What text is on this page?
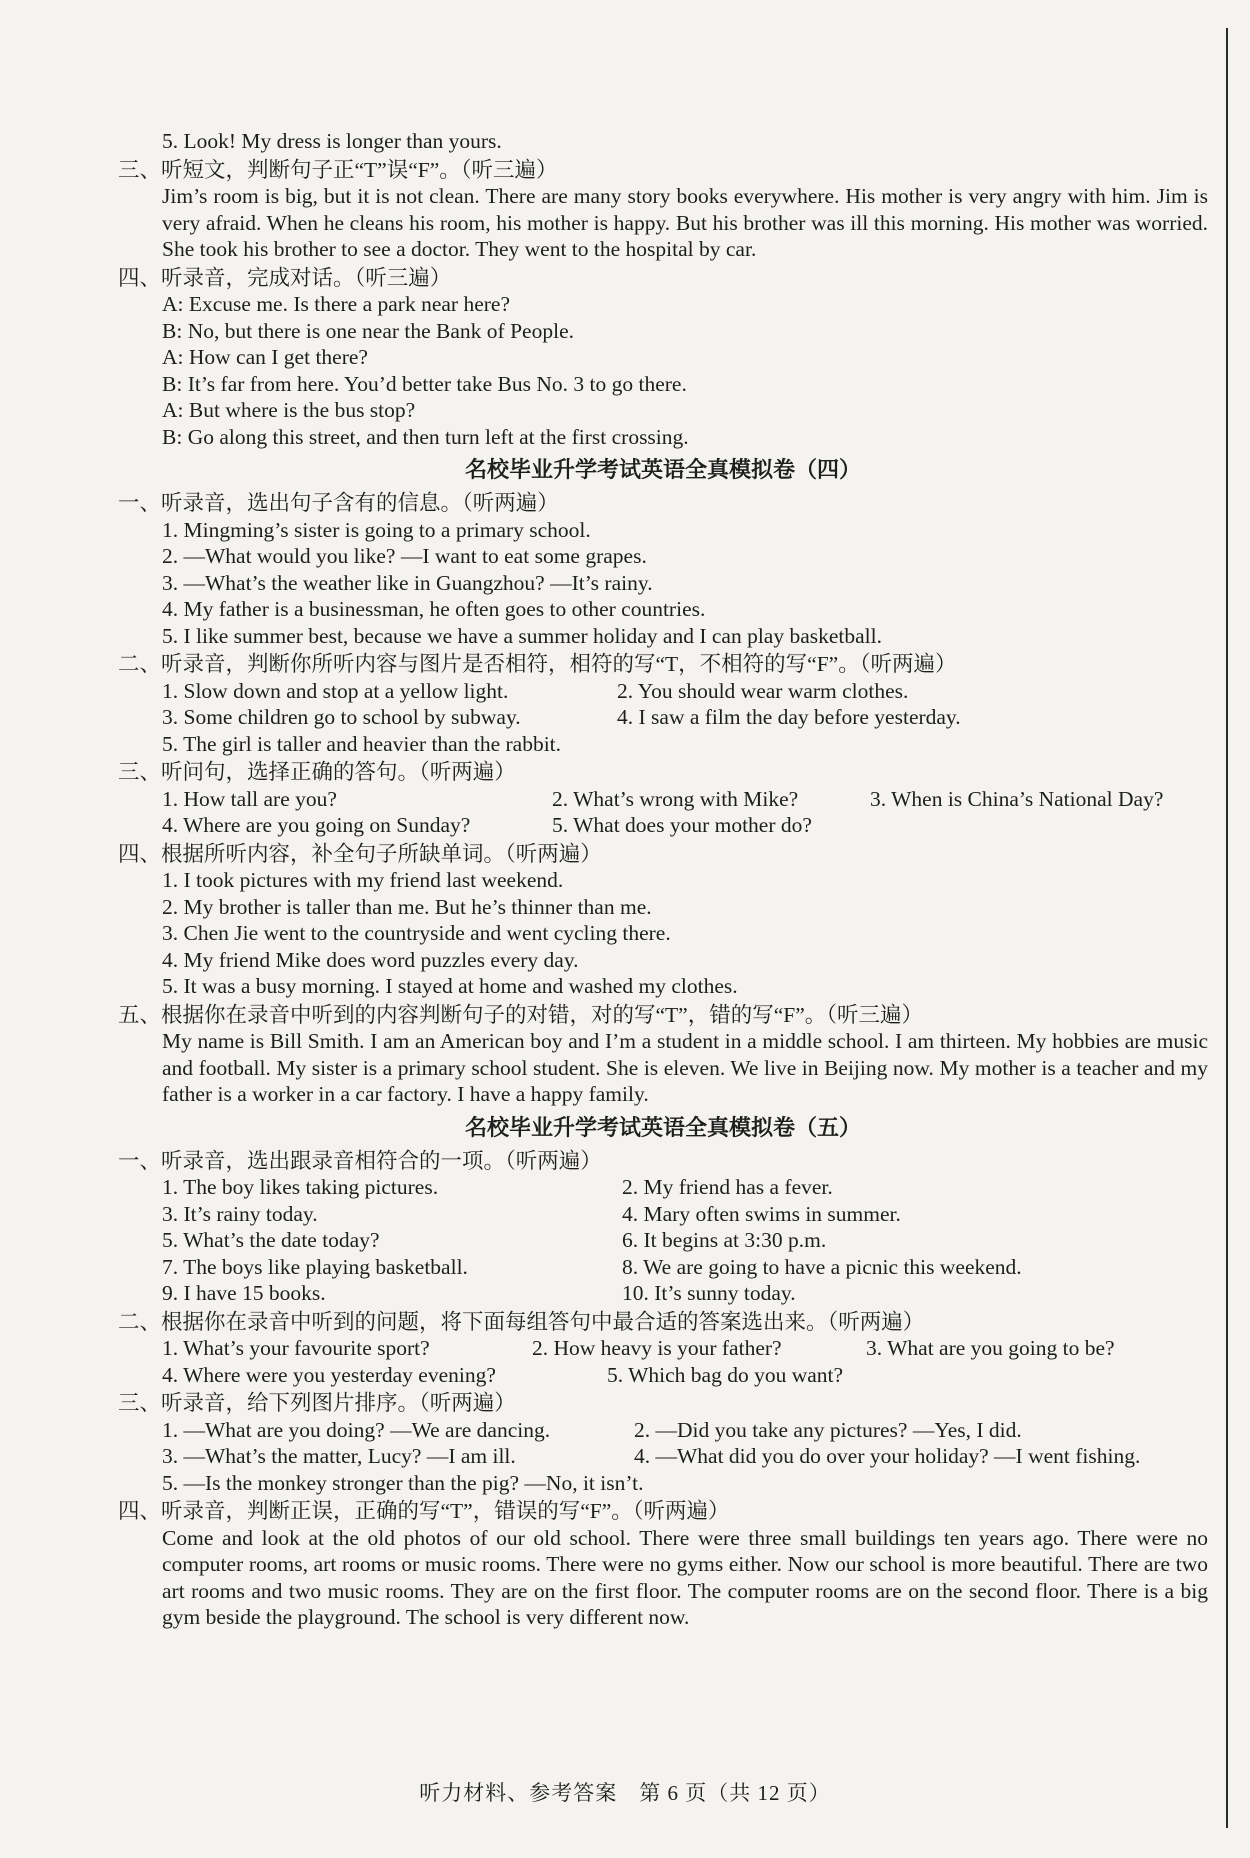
5. Look! My dress is longer than yours.
三、听短文，判断句子正“T”误“F”。（听三遍）
Jim’s room is big, but it is not clean. There are many story books everywhere. His mother is very angry with him. Jim is very afraid. When he cleans his room, his mother is happy. But his brother was ill this morning. His mother was worried. She took his brother to see a doctor. They went to the hospital by car.
四、听录音，完成对话。（听三遍）
A: Excuse me. Is there a park near here?
B: No, but there is one near the Bank of People.
A: How can I get there?
B: It’s far from here. You’d better take Bus No. 3 to go there.
A: But where is the bus stop?
B: Go along this street, and then turn left at the first crossing.
名校毕业升学考试英语全真模拟卷（四）
一、听录音，选出句子含有的信息。（听两遍）
1. Mingming’s sister is going to a primary school.
2. —What would you like? —I want to eat some grapes.
3. —What’s the weather like in Guangzhou? —It’s rainy.
4. My father is a businessman, he often goes to other countries.
5. I like summer best, because we have a summer holiday and I can play basketball.
二、听录音，判断你所听内容与图片是否相符，相符的写“T，不相符的写“F”。（听两遍）
1. Slow down and stop at a yellow light.	2. You should wear warm clothes.
3. Some children go to school by subway.	4. I saw a film the day before yesterday.
5. The girl is taller and heavier than the rabbit.
三、听问句，选择正确的答句。（听两遍）
1. How tall are you?	2. What’s wrong with Mike?	3. When is China’s National Day?
4. Where are you going on Sunday?	5. What does your mother do?
四、根据所听内容，补全句子所缺单词。（听两遍）
1. I took pictures with my friend last weekend.
2. My brother is taller than me. But he’s thinner than me.
3. Chen Jie went to the countryside and went cycling there.
4. My friend Mike does word puzzles every day.
5. It was a busy morning. I stayed at home and washed my clothes.
五、根据你在录音中听到的内容判断句子的对错，对的写“T”，错的写“F”。（听三遍）
My name is Bill Smith. I am an American boy and I’m a student in a middle school. I am thirteen. My hobbies are music and football. My sister is a primary school student. She is eleven. We live in Beijing now. My mother is a teacher and my father is a worker in a car factory. I have a happy family.
名校毕业升学考试英语全真模拟卷（五）
一、听录音，选出跟录音相符合的一项。（听两遍）
1. The boy likes taking pictures.	2. My friend has a fever.
3. It’s rainy today.	4. Mary often swims in summer.
5. What’s the date today?	6. It begins at 3:30 p.m.
7. The boys like playing basketball.	8. We are going to have a picnic this weekend.
9. I have 15 books.	10. It’s sunny today.
二、根据你在录音中听到的问题，将下面每组答句中最合适的答案选出来。（听两遍）
1. What’s your favourite sport?	2. How heavy is your father?	3. What are you going to be?
4. Where were you yesterday evening?	5. Which bag do you want?
三、听录音，给下列图片排序。（听两遍）
1. —What are you doing? —We are dancing.	2. —Did you take any pictures? —Yes, I did.
3. —What’s the matter, Lucy? —I am ill.	4. —What did you do over your holiday? —I went fishing.
5. —Is the monkey stronger than the pig? —No, it isn’t.
四、听录音，判断正误，正确的写“T”，错误的写“F”。（听两遍）
Come and look at the old photos of our old school. There were three small buildings ten years ago. There were no computer rooms, art rooms or music rooms. There were no gyms either. Now our school is more beautiful. There are two art rooms and two music rooms. They are on the first floor. The computer rooms are on the second floor. There is a big gym beside the playground. The school is very different now.
听力材料、参考答案　第 6 页（共 12 页）
